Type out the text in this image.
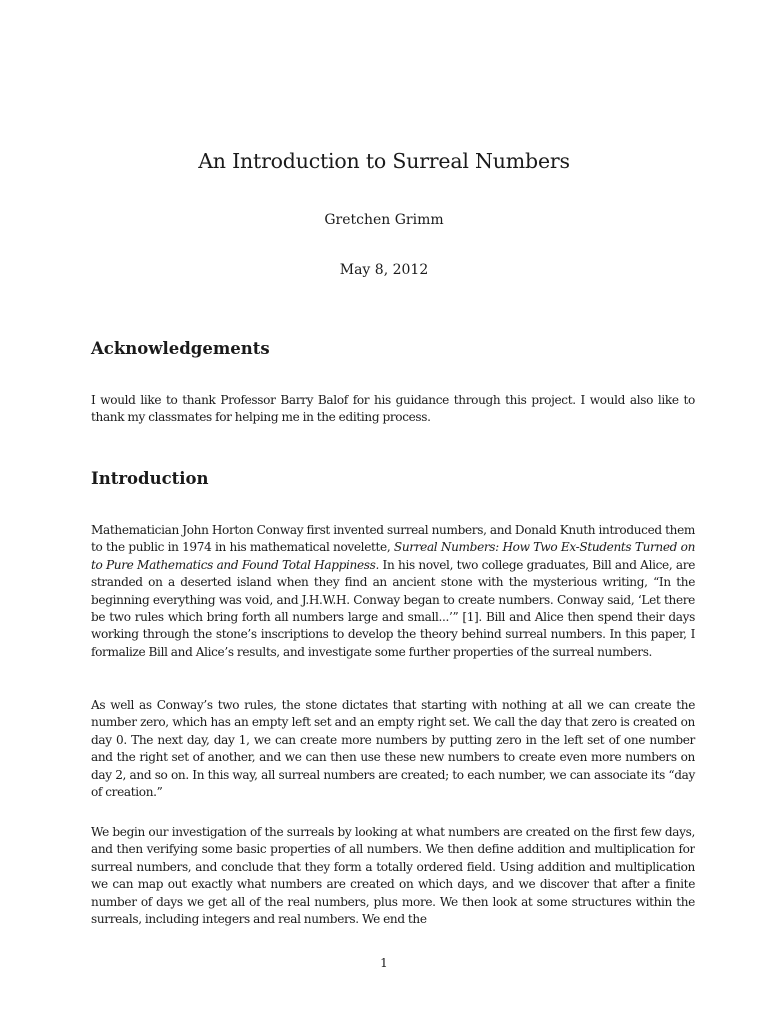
An Introduction to Surreal Numbers
Gretchen Grimm
May 8, 2012
Acknowledgements
I would like to thank Professor Barry Balof for his guidance through this project. I would also like to thank my classmates for helping me in the editing process.
Introduction
Mathematician John Horton Conway first invented surreal numbers, and Donald Knuth introduced them to the public in 1974 in his mathematical novelette, Surreal Numbers: How Two Ex-Students Turned on to Pure Mathematics and Found Total Happiness. In his novel, two college graduates, Bill and Alice, are stranded on a deserted island when they find an ancient stone with the mysterious writing, “In the beginning everything was void, and J.H.W.H. Conway began to create numbers. Conway said, ‘Let there be two rules which bring forth all numbers large and small...’” [1]. Bill and Alice then spend their days working through the stone’s inscriptions to develop the theory behind surreal numbers. In this paper, I formalize Bill and Alice’s results, and investigate some further properties of the surreal numbers.
As well as Conway’s two rules, the stone dictates that starting with nothing at all we can create the number zero, which has an empty left set and an empty right set. We call the day that zero is created on day 0. The next day, day 1, we can create more numbers by putting zero in the left set of one number and the right set of another, and we can then use these new numbers to create even more numbers on day 2, and so on. In this way, all surreal numbers are created; to each number, we can associate its “day of creation.”
We begin our investigation of the surreals by looking at what numbers are created on the first few days, and then verifying some basic properties of all numbers. We then define addition and multiplication for surreal numbers, and conclude that they form a totally ordered field. Using addition and multiplication we can map out exactly what numbers are created on which days, and we discover that after a finite number of days we get all of the real numbers, plus more. We then look at some structures within the surreals, including integers and real numbers. We end the
1
